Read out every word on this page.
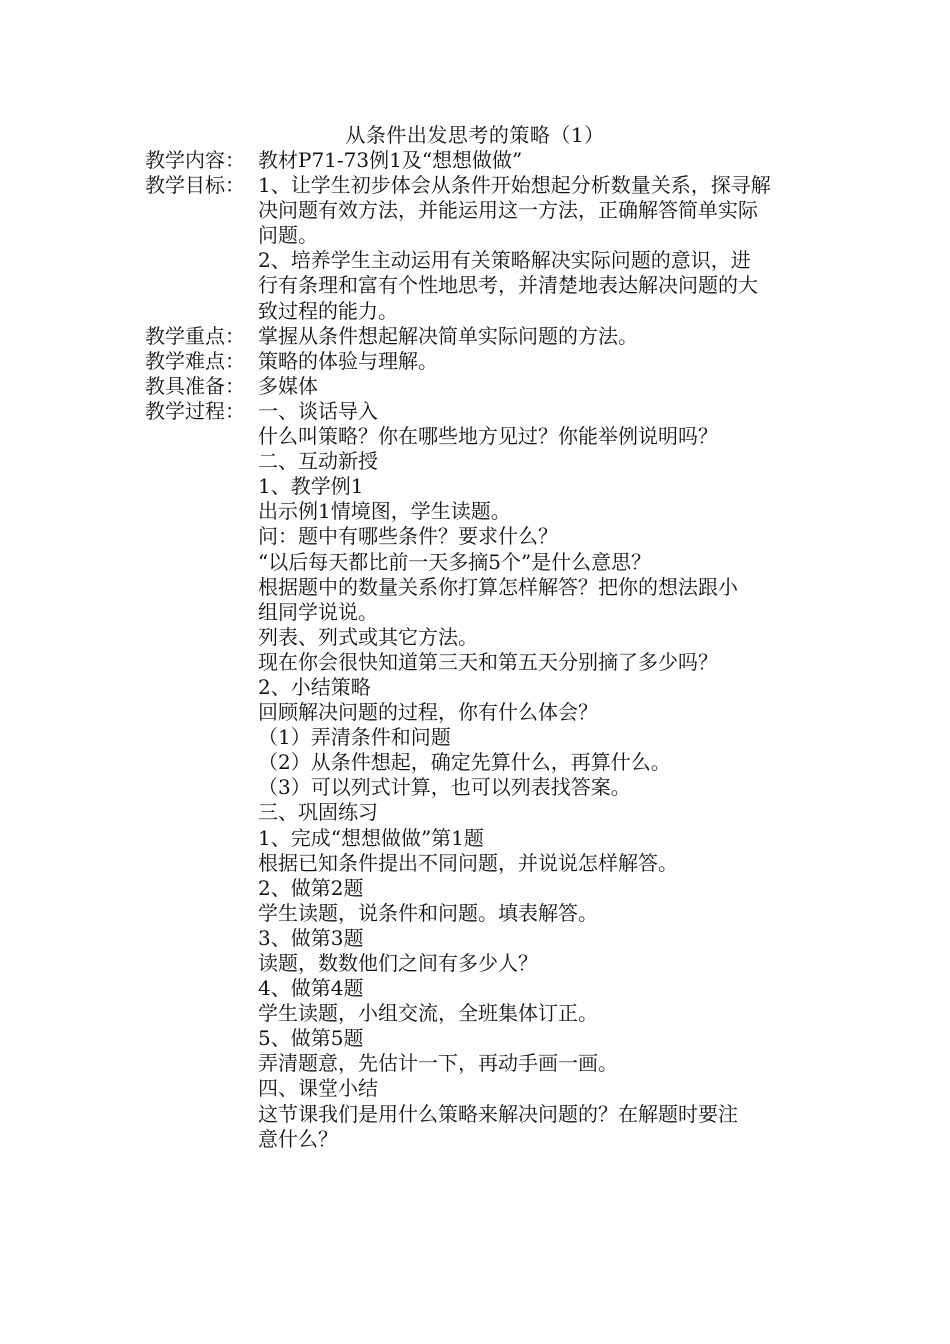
从条件出发思考的策略（1）
教学内容： 教材P71-73例1及“想想做做”
教学目标： 1、让学生初步体会从条件开始想起分析数量关系，探寻解
决问题有效方法，并能运用这一方法，正确解答简单实际
问题。
2、培养学生主动运用有关策略解决实际问题的意识，进
行有条理和富有个性地思考，并清楚地表达解决问题的大
致过程的能力。
教学重点： 掌握从条件想起解决简单实际问题的方法。
教学难点： 策略的体验与理解。
教具准备： 多媒体
教学过程： 一、谈话导入
什么叫策略？你在哪些地方见过？你能举例说明吗？
二、互动新授
1、教学例1
出示例1情境图，学生读题。
问：题中有哪些条件？要求什么？
“以后每天都比前一天多摘5个”是什么意思？
根据题中的数量关系你打算怎样解答？把你的想法跟小
组同学说说。
列表、列式或其它方法。
现在你会很快知道第三天和第五天分别摘了多少吗？
2、小结策略
回顾解决问题的过程，你有什么体会？
（1）弄清条件和问题
（2）从条件想起，确定先算什么，再算什么。
（3）可以列式计算，也可以列表找答案。
三、巩固练习
1、完成“想想做做”第1题
根据已知条件提出不同问题，并说说怎样解答。
2、做第2题
学生读题，说条件和问题。填表解答。
3、做第3题
读题，数数他们之间有多少人？
4、做第4题
学生读题，小组交流，全班集体订正。
5、做第5题
弄清题意，先估计一下，再动手画一画。
四、课堂小结
这节课我们是用什么策略来解决问题的？在解题时要注
意什么？
